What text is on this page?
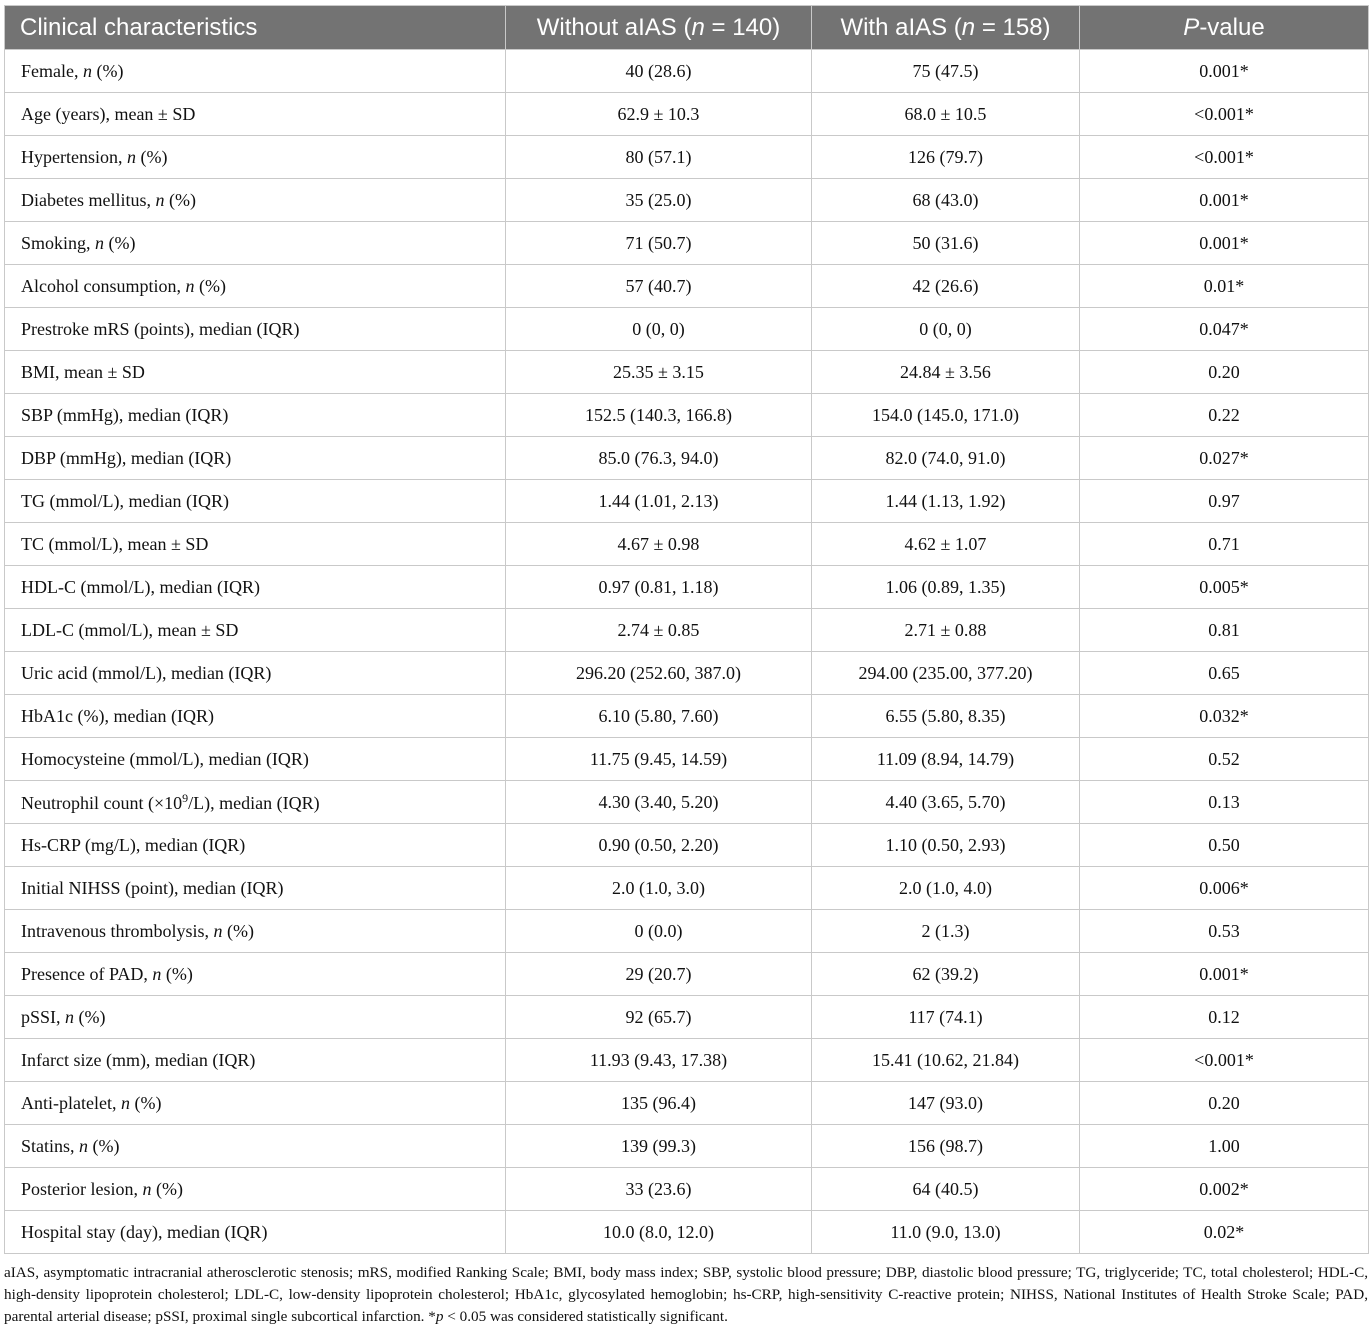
Clinical characteristics	Without aIAS (n = 140)	With aIAS (n = 158)	P-value
Female, n (%)	40 (28.6)	75 (47.5)	0.001*
Age (years), mean ± SD	62.9 ± 10.3	68.0 ± 10.5	<0.001*
Hypertension, n (%)	80 (57.1)	126 (79.7)	<0.001*
Diabetes mellitus, n (%)	35 (25.0)	68 (43.0)	0.001*
Smoking, n (%)	71 (50.7)	50 (31.6)	0.001*
Alcohol consumption, n (%)	57 (40.7)	42 (26.6)	0.01*
Prestroke mRS (points), median (IQR)	0 (0, 0)	0 (0, 0)	0.047*
BMI, mean ± SD	25.35 ± 3.15	24.84 ± 3.56	0.20
SBP (mmHg), median (IQR)	152.5 (140.3, 166.8)	154.0 (145.0, 171.0)	0.22
DBP (mmHg), median (IQR)	85.0 (76.3, 94.0)	82.0 (74.0, 91.0)	0.027*
TG (mmol/L), median (IQR)	1.44 (1.01, 2.13)	1.44 (1.13, 1.92)	0.97
TC (mmol/L), mean ± SD	4.67 ± 0.98	4.62 ± 1.07	0.71
HDL-C (mmol/L), median (IQR)	0.97 (0.81, 1.18)	1.06 (0.89, 1.35)	0.005*
LDL-C (mmol/L), mean ± SD	2.74 ± 0.85	2.71 ± 0.88	0.81
Uric acid (mmol/L), median (IQR)	296.20 (252.60, 387.0)	294.00 (235.00, 377.20)	0.65
HbA1c (%), median (IQR)	6.10 (5.80, 7.60)	6.55 (5.80, 8.35)	0.032*
Homocysteine (mmol/L), median (IQR)	11.75 (9.45, 14.59)	11.09 (8.94, 14.79)	0.52
Neutrophil count $(\times 10^9/L)$, median (IQR)	4.30 (3.40, 5.20)	4.40 (3.65, 5.70)	0.13
Hs-CRP (mg/L), median (IQR)	0.90 (0.50, 2.20)	1.10 (0.50, 2.93)	0.50
Initial NIHSS (point), median (IQR)	2.0 (1.0, 3.0)	2.0 (1.0, 4.0)	0.006*
Intravenous thrombolysis, n (%)	0 (0.0)	2 (1.3)	0.53
Presence of PAD, n (%)	29 (20.7)	62 (39.2)	0.001*
pSSI, n (%)	92 (65.7)	117 (74.1)	0.12
Infarct size (mm), median (IQR)	11.93 (9.43, 17.38)	15.41 (10.62, 21.84)	<0.001*
Anti-platelet, n (%)	135 (96.4)	147 (93.0)	0.20
Statins, n (%)	139 (99.3)	156 (98.7)	1.00
Posterior lesion, n (%)	33 (23.6)	64 (40.5)	0.002*
Hospital stay (day), median (IQR)	10.0 (8.0, 12.0)	11.0 (9.0, 13.0)	0.02*
aIAS, asymptomatic intracranial atherosclerotic stenosis; mRS, modified Ranking Scale; BMI, body mass index; SBP, systolic blood pressure; DBP, diastolic blood pressure; TG, triglyceride; TC, total cholesterol; HDL-C, high-density lipoprotein cholesterol; LDL-C, low-density lipoprotein cholesterol; HbA1c, glycosylated hemoglobin; hs-CRP, high-sensitivity C-reactive protein; NIHSS, National Institutes of Health Stroke Scale; PAD, parental arterial disease; pSSI, proximal single subcortical infarction. *p < 0.05 was considered statistically significant.
